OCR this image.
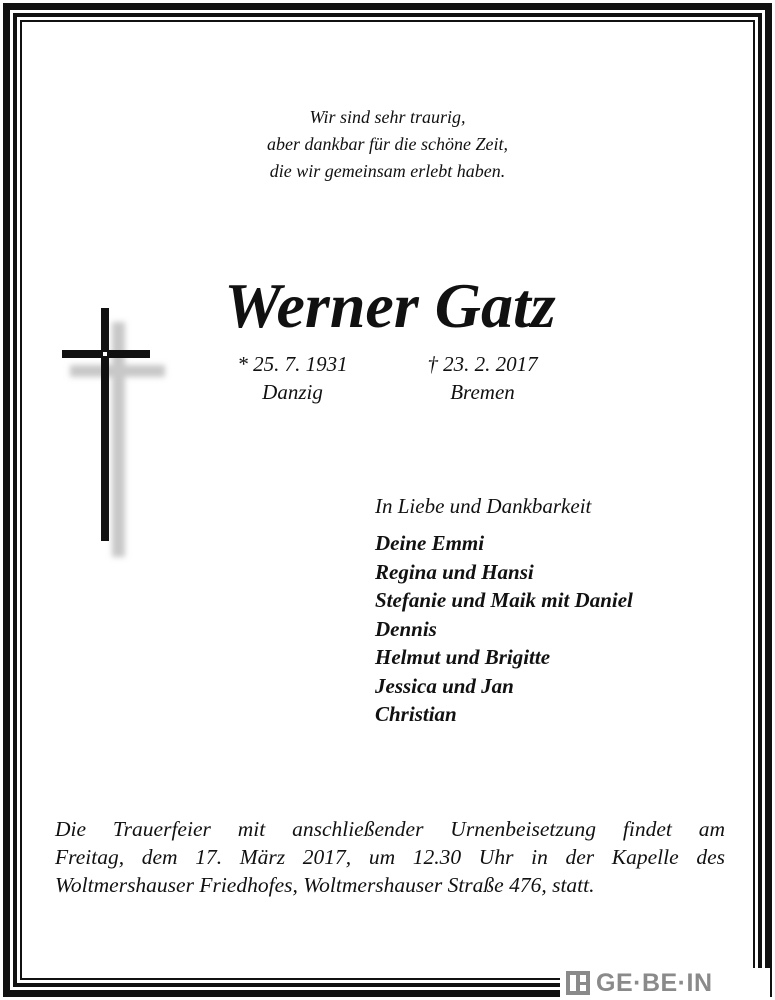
Wir sind sehr traurig,
aber dankbar für die schöne Zeit,
die wir gemeinsam erlebt haben.
Werner Gatz
* 25. 7. 1931
Danzig
† 23. 2. 2017
Bremen
In Liebe und Dankbarkeit
Deine Emmi
Regina und Hansi
Stefanie und Maik mit Daniel
Dennis
Helmut und Brigitte
Jessica und Jan
Christian
Die Trauerfeier mit anschließender Urnenbeisetzung findet am
Freitag, dem 17. März 2017, um 12.30 Uhr in der Kapelle des
Woltmershauser Friedhofes, Woltmershauser Straße 476, statt.
GE·BE·IN
